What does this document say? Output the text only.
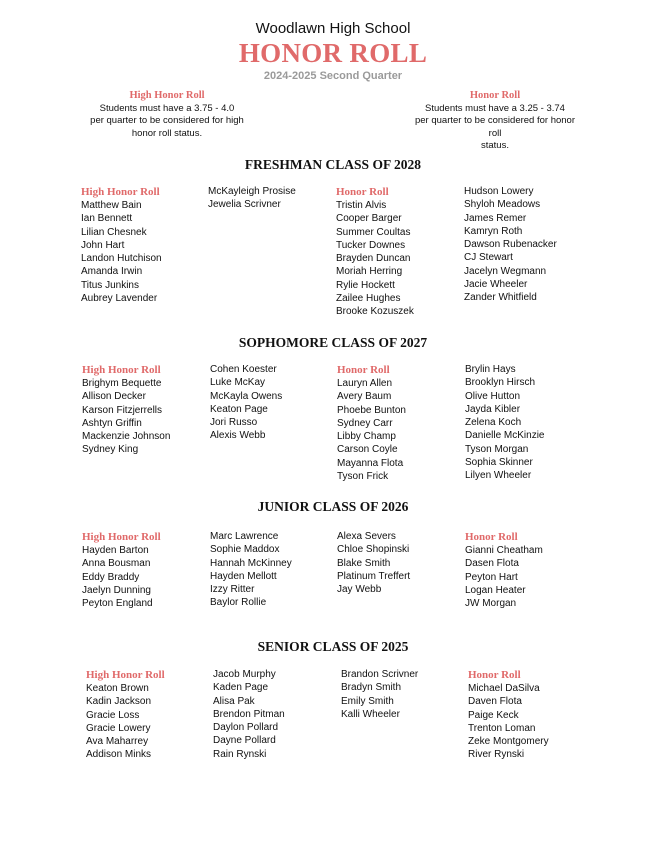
Woodlawn High School
HONOR ROLL
2024-2025 Second Quarter
High Honor Roll
Students must have a 3.75 - 4.0
per quarter to be considered for high
honor roll status.
Honor Roll
Students must have a 3.25 - 3.74
per quarter to be considered for honor roll
status.
FRESHMAN CLASS OF 2028
High Honor Roll
Matthew Bain
Ian Bennett
Lilian Chesnek
John Hart
Landon Hutchison
Amanda Irwin
Titus Junkins
Aubrey Lavender
McKayleigh Prosise
Jewelia Scrivner
Honor Roll
Tristin Alvis
Cooper Barger
Summer Coultas
Tucker Downes
Brayden Duncan
Moriah Herring
Rylie Hockett
Zailee Hughes
Brooke Kozuszek
Hudson Lowery
Shyloh Meadows
James Remer
Kamryn Roth
Dawson Rubenacker
CJ Stewart
Jacelyn Wegmann
Jacie Wheeler
Zander Whitfield
SOPHOMORE CLASS OF 2027
High Honor Roll
Brighym Bequette
Allison Decker
Karson Fitzjerrells
Ashtyn Griffin
Mackenzie Johnson
Sydney King
Cohen Koester
Luke McKay
McKayla Owens
Keaton Page
Jori Russo
Alexis Webb
Honor Roll
Lauryn Allen
Avery Baum
Phoebe Bunton
Sydney Carr
Libby Champ
Carson Coyle
Mayanna Flota
Tyson Frick
Brylin Hays
Brooklyn Hirsch
Olive Hutton
Jayda Kibler
Zelena Koch
Danielle McKinzie
Tyson Morgan
Sophia Skinner
Lilyen Wheeler
JUNIOR CLASS OF 2026
High Honor Roll
Hayden Barton
Anna Bousman
Eddy Braddy
Jaelyn Dunning
Peyton England
Marc Lawrence
Sophie Maddox
Hannah McKinney
Hayden Mellott
Izzy Ritter
Baylor Rollie
Alexa Severs
Chloe Shopinski
Blake Smith
Platinum Treffert
Jay Webb
Honor Roll
Gianni Cheatham
Dasen Flota
Peyton Hart
Logan Heater
JW Morgan
SENIOR CLASS OF 2025
High Honor Roll
Keaton Brown
Kadin Jackson
Gracie Loss
Gracie Lowery
Ava Maharrey
Addison Minks
Jacob Murphy
Kaden Page
Alisa Pak
Brendon Pitman
Daylon Pollard
Dayne Pollard
Rain Rynski
Brandon Scrivner
Bradyn Smith
Emily Smith
Kalli Wheeler
Honor Roll
Michael DaSilva
Daven Flota
Paige Keck
Trenton Loman
Zeke Montgomery
River Rynski
